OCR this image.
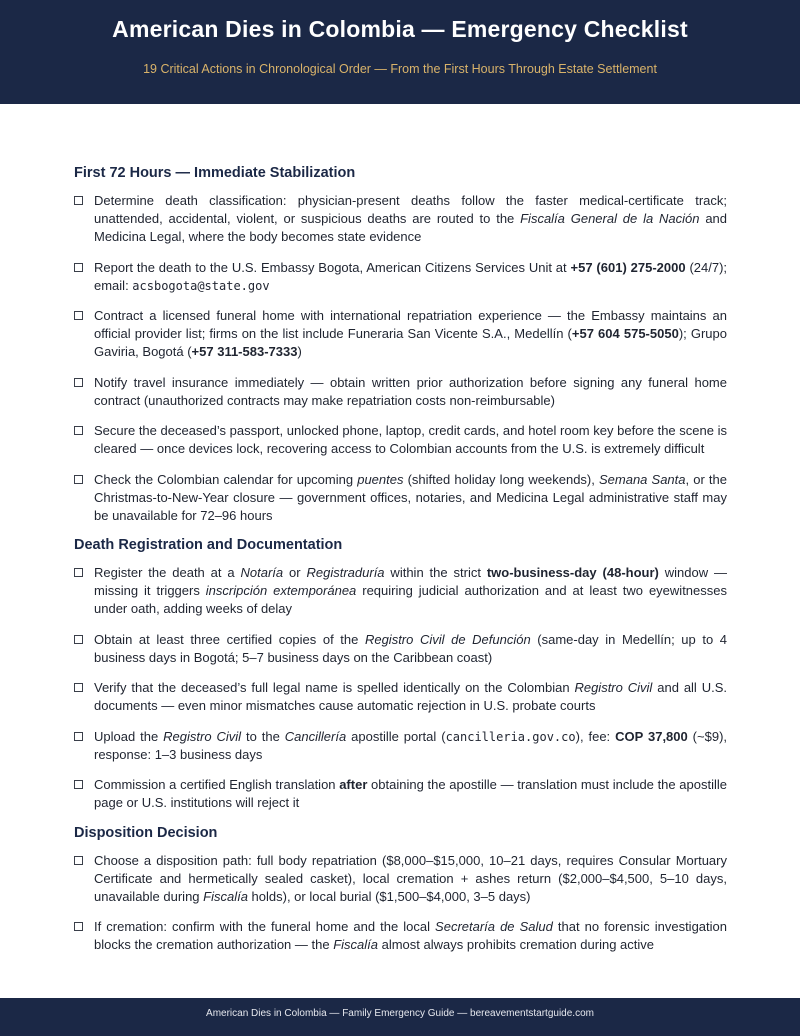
American Dies in Colombia — Emergency Checklist
19 Critical Actions in Chronological Order — From the First Hours Through Estate Settlement
First 72 Hours — Immediate Stabilization
Determine death classification: physician-present deaths follow the faster medical-certificate track; unattended, accidental, violent, or suspicious deaths are routed to the Fiscalía General de la Nación and Medicina Legal, where the body becomes state evidence
Report the death to the U.S. Embassy Bogota, American Citizens Services Unit at +57 (601) 275-2000 (24/7); email: acsbogota@state.gov
Contract a licensed funeral home with international repatriation experience — the Embassy maintains an official provider list; firms on the list include Funeraria San Vicente S.A., Medellín (+57 604 575-5050); Grupo Gaviria, Bogotá (+57 311-583-7333)
Notify travel insurance immediately — obtain written prior authorization before signing any funeral home contract (unauthorized contracts may make repatriation costs non-reimbursable)
Secure the deceased’s passport, unlocked phone, laptop, credit cards, and hotel room key before the scene is cleared — once devices lock, recovering access to Colombian accounts from the U.S. is extremely difficult
Check the Colombian calendar for upcoming puentes (shifted holiday long weekends), Semana Santa, or the Christmas-to-New-Year closure — government offices, notaries, and Medicina Legal administrative staff may be unavailable for 72–96 hours
Death Registration and Documentation
Register the death at a Notaría or Registraduría within the strict two-business-day (48-hour) window — missing it triggers inscripción extemporánea requiring judicial authorization and at least two eyewitnesses under oath, adding weeks of delay
Obtain at least three certified copies of the Registro Civil de Defunción (same-day in Medellín; up to 4 business days in Bogotá; 5–7 business days on the Caribbean coast)
Verify that the deceased’s full legal name is spelled identically on the Colombian Registro Civil and all U.S. documents — even minor mismatches cause automatic rejection in U.S. probate courts
Upload the Registro Civil to the Cancillería apostille portal (cancilleria.gov.co), fee: COP 37,800 (~$9), response: 1–3 business days
Commission a certified English translation after obtaining the apostille — translation must include the apostille page or U.S. institutions will reject it
Disposition Decision
Choose a disposition path: full body repatriation ($8,000–$15,000, 10–21 days, requires Consular Mortuary Certificate and hermetically sealed casket), local cremation + ashes return ($2,000–$4,500, 5–10 days, unavailable during Fiscalía holds), or local burial ($1,500–$4,000, 3–5 days)
If cremation: confirm with the funeral home and the local Secretaría de Salud that no forensic investigation blocks the cremation authorization — the Fiscalía almost always prohibits cremation during active
American Dies in Colombia — Family Emergency Guide — bereavementstartguide.com
